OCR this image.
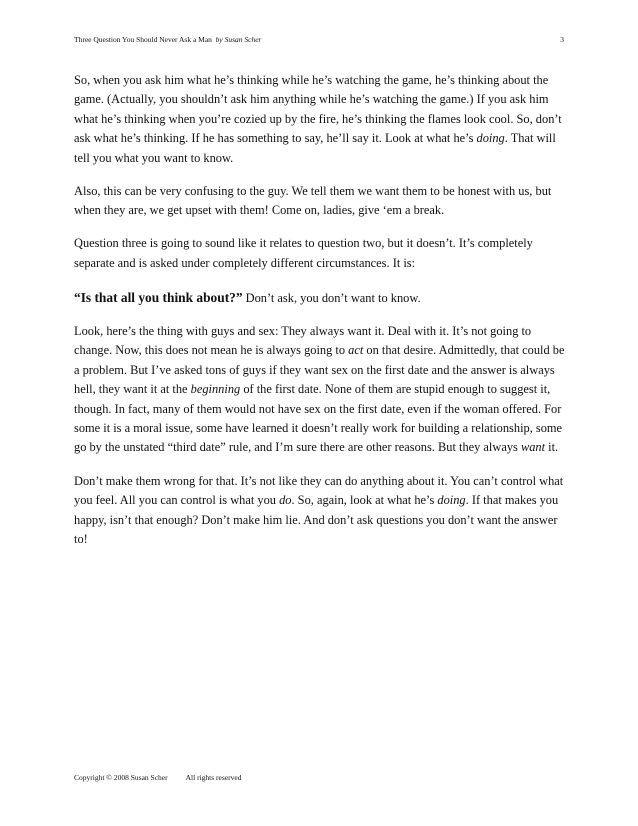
Three Question You Should Never Ask a Man by Susan Scher	3

So, when you ask him what he’s thinking while he’s watching the game, he’s thinking about the game. (Actually, you shouldn’t ask him anything while he’s watching the game.) If you ask him what he’s thinking when you’re cozied up by the fire, he’s thinking the flames look cool. So, don’t ask what he’s thinking. If he has something to say, he’ll say it. Look at what he’s doing. That will tell you what you want to know.

Also, this can be very confusing to the guy. We tell them we want them to be honest with us, but when they are, we get upset with them! Come on, ladies, give ‘em a break.

Question three is going to sound like it relates to question two, but it doesn’t. It’s completely separate and is asked under completely different circumstances. It is:

“Is that all you think about?” Don’t ask, you don’t want to know.

Look, here’s the thing with guys and sex: They always want it. Deal with it. It’s not going to change. Now, this does not mean he is always going to act on that desire. Admittedly, that could be a problem. But I’ve asked tons of guys if they want sex on the first date and the answer is always hell, they want it at the beginning of the first date. None of them are stupid enough to suggest it, though. In fact, many of them would not have sex on the first date, even if the woman offered. For some it is a moral issue, some have learned it doesn’t really work for building a relationship, some go by the unstated “third date” rule, and I’m sure there are other reasons. But they always want it.

Don’t make them wrong for that. It’s not like they can do anything about it. You can’t control what you feel. All you can control is what you do. So, again, look at what he’s doing. If that makes you happy, isn’t that enough? Don’t make him lie. And don’t ask questions you don’t want the answer to!

Copyright © 2008 Susan Scher All rights reserved
